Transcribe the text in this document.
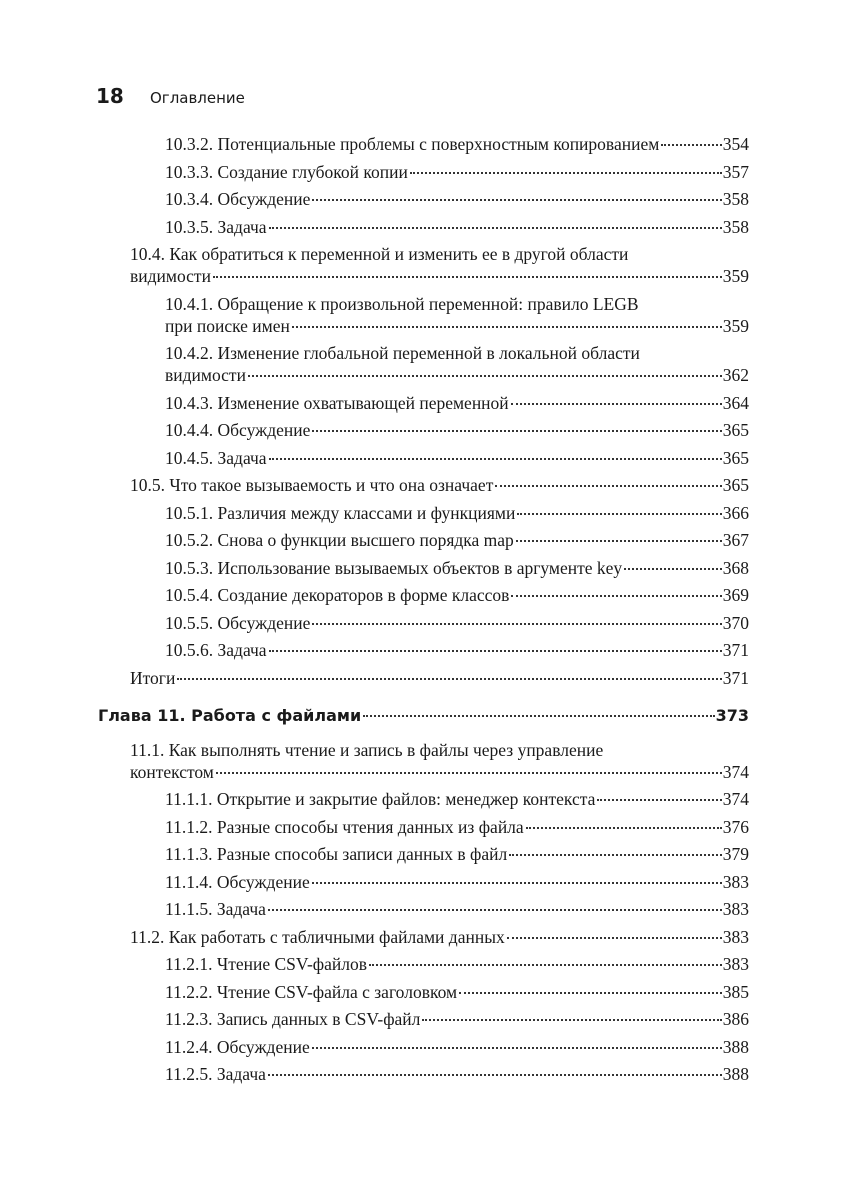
18	Оглавление
10.3.2. Потенциальные проблемы с поверхностным копированием	354
10.3.3. Создание глубокой копии	357
10.3.4. Обсуждение	358
10.3.5. Задача	358
10.4. Как обратиться к переменной и изменить ее в другой области
видимости	359
10.4.1. Обращение к произвольной переменной: правило LEGB
при поиске имен	359
10.4.2. Изменение глобальной переменной в локальной области
видимости	362
10.4.3. Изменение охватывающей переменной	364
10.4.4. Обсуждение	365
10.4.5. Задача	365
10.5. Что такое вызываемость и что она означает	365
10.5.1. Различия между классами и функциями	366
10.5.2. Снова о функции высшего порядка map	367
10.5.3. Использование вызываемых объектов в аргументе key	368
10.5.4. Создание декораторов в форме классов	369
10.5.5. Обсуждение	370
10.5.6. Задача	371
Итоги	371
Глава 11. Работа с файлами	373
11.1. Как выполнять чтение и запись в файлы через управление
контекстом	374
11.1.1. Открытие и закрытие файлов: менеджер контекста	374
11.1.2. Разные способы чтения данных из файла	376
11.1.3. Разные способы записи данных в файл	379
11.1.4. Обсуждение	383
11.1.5. Задача	383
11.2. Как работать с табличными файлами данных	383
11.2.1. Чтение CSV-файлов	383
11.2.2. Чтение CSV-файла с заголовком	385
11.2.3. Запись данных в CSV-файл	386
11.2.4. Обсуждение	388
11.2.5. Задача	388
